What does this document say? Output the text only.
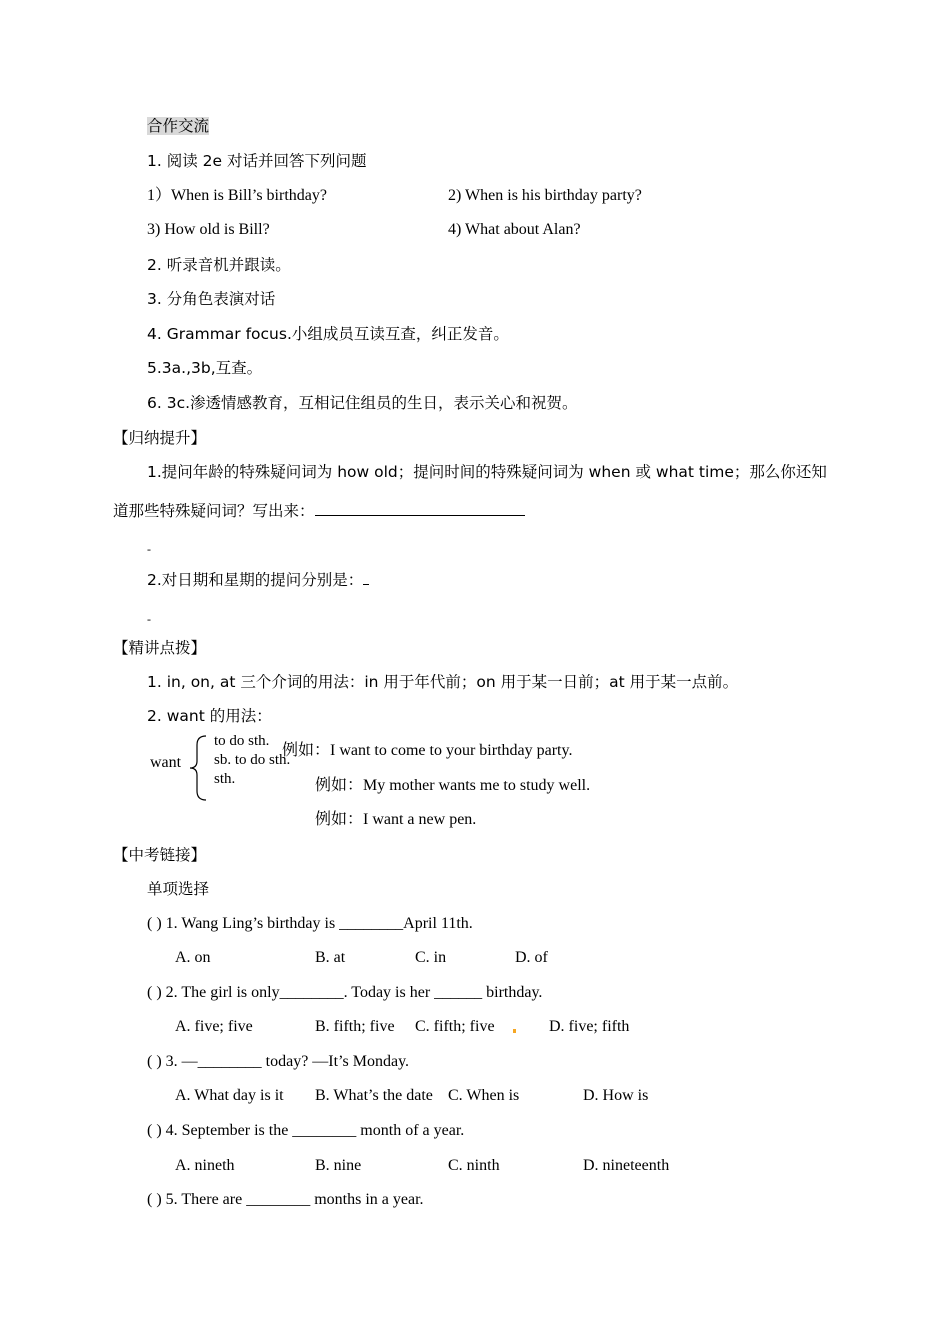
合作交流
1. 阅读 2e 对话并回答下列问题
1）When is Bill’s birthday?	2) When is his birthday party?
3) How old is Bill?	4) What about Alan?
2. 听录音机并跟读。
3. 分角色表演对话
4. Grammar focus.小组成员互读互查，纠正发音。
5.3a.,3b,互查。
6. 3c.渗透情感教育，互相记住组员的生日，表示关心和祝贺。
【归纳提升】
1.提问年龄的特殊疑问词为 how old；提问时间的特殊疑问词为 when 或 what time；那么你还知
道那些特殊疑问词？写出来：
-
2.对日期和星期的提问分别是：
-
【精讲点拨】
1. in, on, at 三个介词的用法：in 用于年代前；on 用于某一日前；at 用于某一点前。
2. want 的用法：
want
to do sth.
sb. to do sth.
sth.
例如：I want to come to your birthday party.
例如：My mother wants me to study well.
例如：I want a new pen.
【中考链接】
单项选择
( ) 1. Wang Ling’s birthday is ________April 11th.
A. on	B. at	C. in	D. of
( ) 2. The girl is only________. Today is her ______ birthday.
A. five; five	B. fifth; five C. fifth; five	D. five; fifth
( ) 3. —________ today? —It’s Monday.
A. What day is it B. What’s the date C. When is	D. How is
( ) 4. September is the ________ month of a year.
A. nineth	B. nine	C. ninth	D. nineteenth
( ) 5. There are ________ months in a year.
